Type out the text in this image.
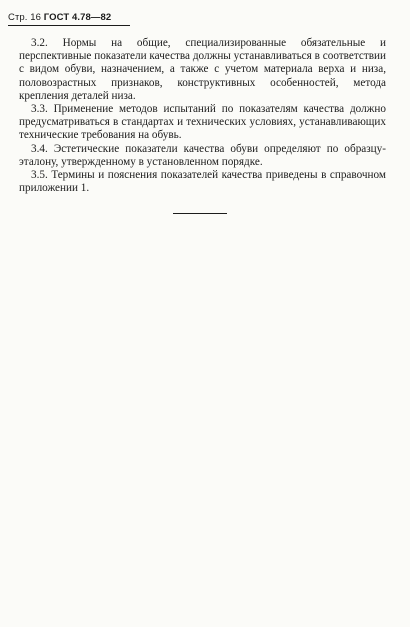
Стр. 16 ГОСТ 4.78—82

3.2. Нормы на общие, специализированные обязательные и перспективные показатели качества должны устанавливаться в соответствии с видом обуви, назначением, а также с учетом материала верха и низа, половозрастных признаков, конструктивных особенностей, метода крепления деталей низа.

3.3. Применение методов испытаний по показателям качества должно предусматриваться в стандартах и технических условиях, устанавливающих технические требования на обувь.

3.4. Эстетические показатели качества обуви определяют по образцу-эталону, утвержденному в установленном порядке.

3.5. Термины и пояснения показателей качества приведены в справочном приложении 1.
